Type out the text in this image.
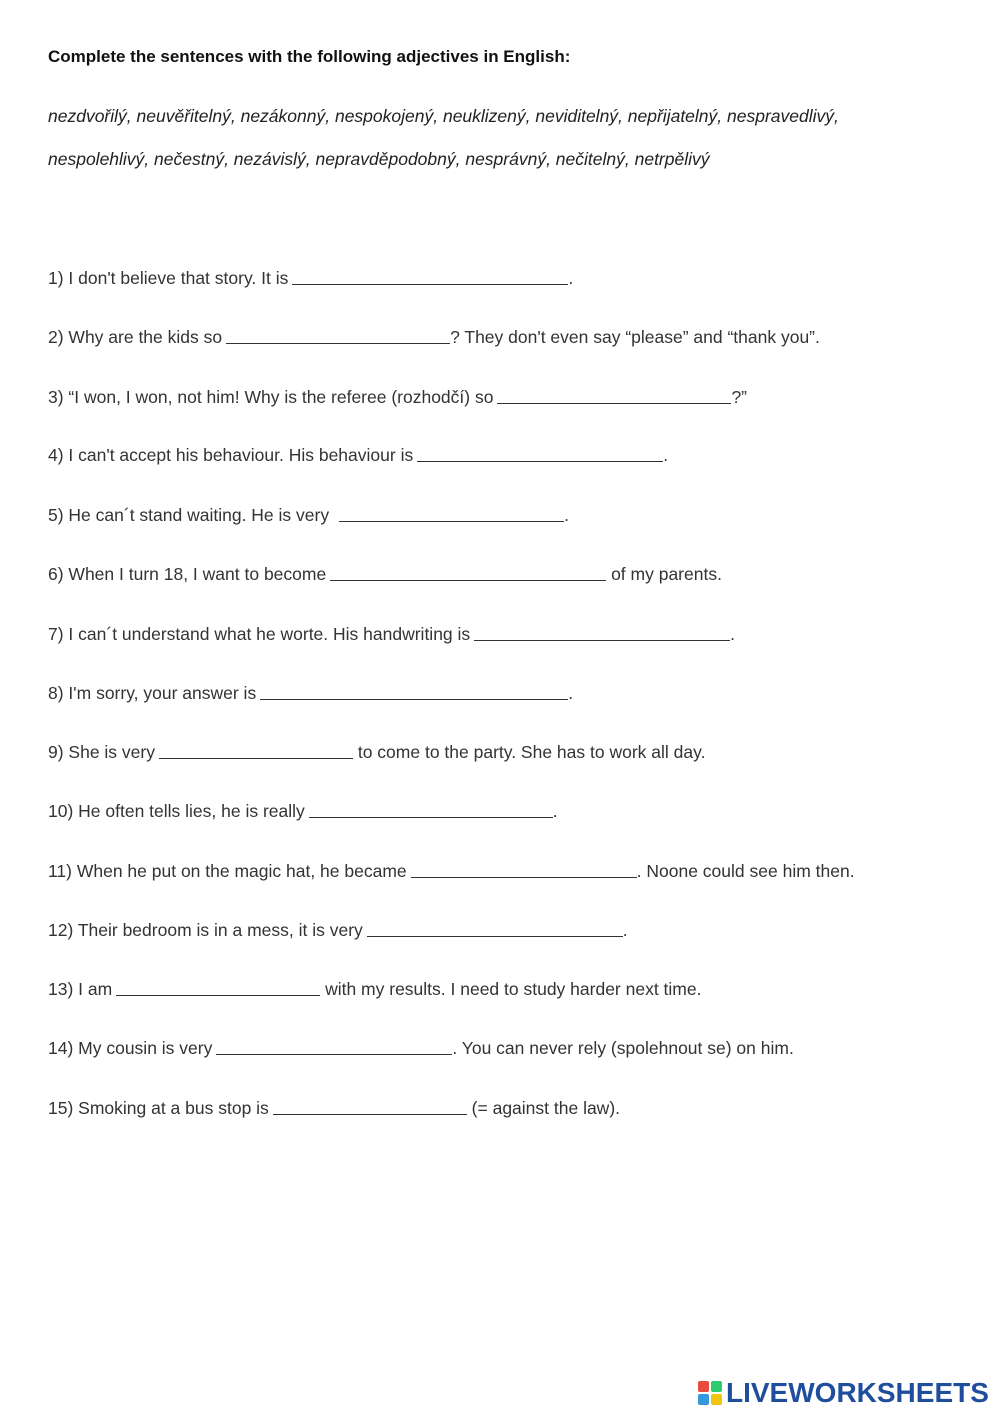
Complete the sentences with the following adjectives in English:
nezdvořilý, neuvěřitelný, nezákonný, nespokojený, neuklizený, neviditelný, nepřijatelný, nespravedlivý,
nespolehlivý, nečestný, nezávislý, nepravděpodobný, nesprávný, nečitelný, netrpělivý
1) I don't believe that story. It is	.
2) Why are the kids so	? They don't even say “please” and “thank you”.
3) “I won, I won, not him! Why is the referee (rozhodčí) so	?”
4) I can't accept his behaviour. His behaviour is	.
5) He can´t stand waiting. He is very	.
6) When I turn 18, I want to become	of my parents.
7) I can´t understand what he worte. His handwriting is	.
8) I'm sorry, your answer is	.
9) She is very	to come to the party. She has to work all day.
10) He often tells lies, he is really	.
11) When he put on the magic hat, he became	. Noone could see him then.
12) Their bedroom is in a mess, it is very	.
13) I am	with my results. I need to study harder next time.
14) My cousin is very	. You can never rely (spolehnout se) on him.
15) Smoking at a bus stop is	(= against the law).
LIVEWORKSHEETS
